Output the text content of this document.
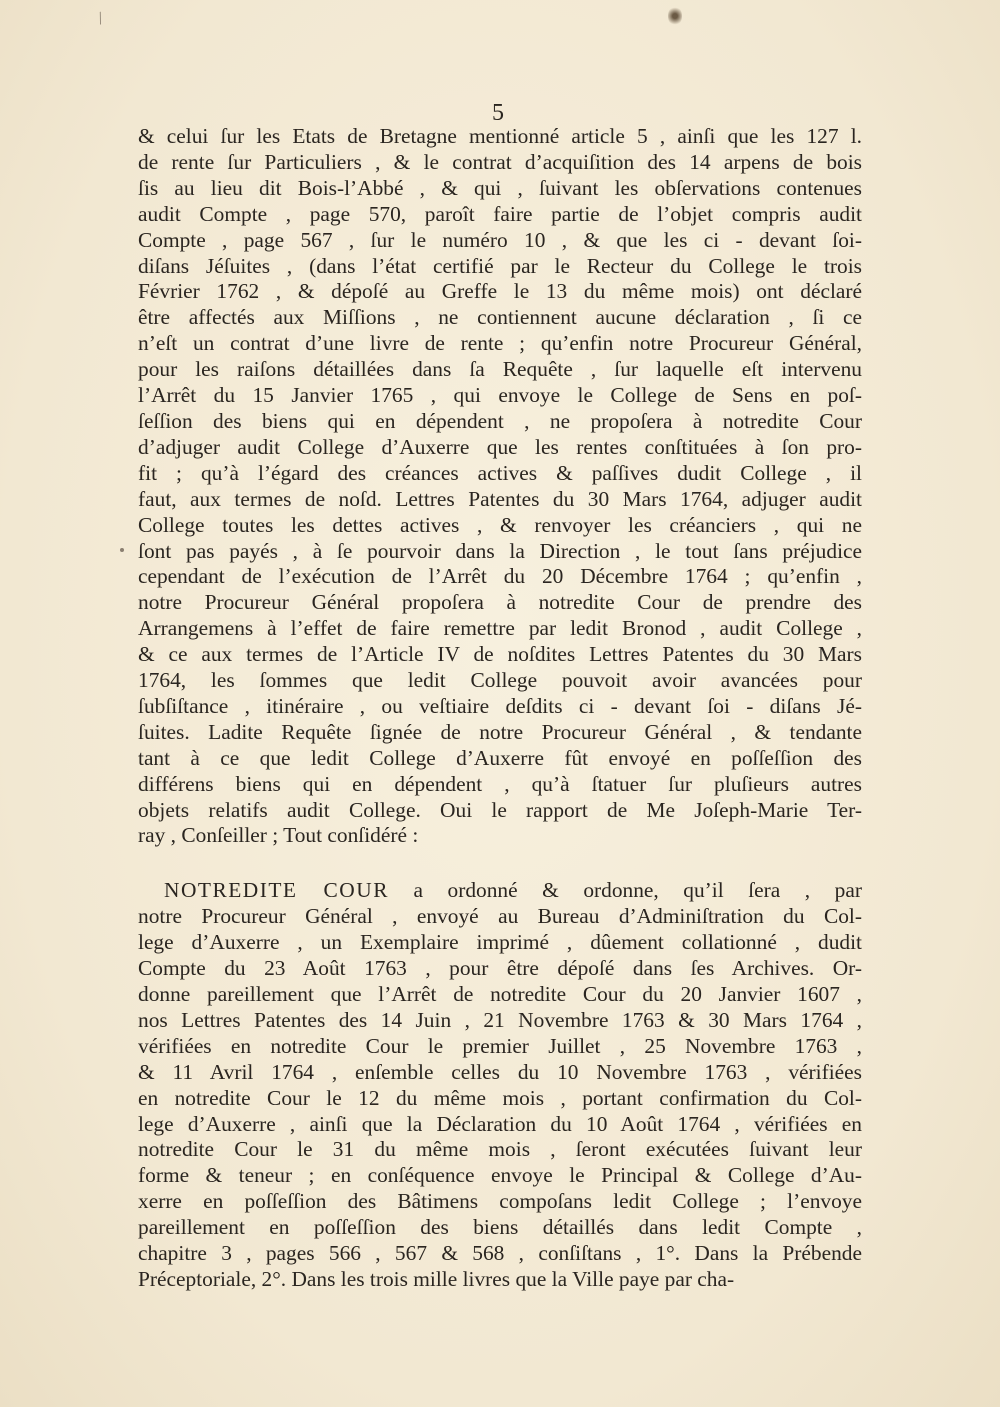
/
5
& celui ſur les Etats de Bretagne mentionné article 5 , ainſi que les 127 l.
de rente ſur Particuliers , & le contrat d’acquiſition des 14 arpens de bois
ſis au lieu dit Bois-l’Abbé , & qui , ſuivant les obſervations contenues
audit Compte , page 570, paroît faire partie de l’objet compris audit
Compte , page 567 , ſur le numéro 10 , & que les ci - devant ſoi-
diſans Jéſuites , (dans l’état certifié par le Recteur du College le trois
Février 1762 , & dépoſé au Greffe le 13 du même mois) ont déclaré
être affectés aux Miſſions , ne contiennent aucune déclaration , ſi ce
n’eſt un contrat d’une livre de rente ; qu’enfin notre Procureur Général,
pour les raiſons détaillées dans ſa Requête , ſur laquelle eſt intervenu
l’Arrêt du 15 Janvier 1765 , qui envoye le College de Sens en poſ-
ſeſſion des biens qui en dépendent , ne propoſera à notredite Cour
d’adjuger audit College d’Auxerre que les rentes conſtituées à ſon pro-
fit ; qu’à l’égard des créances actives & paſſives dudit College , il
faut, aux termes de noſd. Lettres Patentes du 30 Mars 1764, adjuger audit
College toutes les dettes actives , & renvoyer les créanciers , qui ne
ſont pas payés , à ſe pourvoir dans la Direction , le tout ſans préjudice
cependant de l’exécution de l’Arrêt du 20 Décembre 1764 ; qu’enfin ,
notre Procureur Général propoſera à notredite Cour de prendre des
Arrangemens à l’effet de faire remettre par ledit Bronod , audit College ,
& ce aux termes de l’Article IV de noſdites Lettres Patentes du 30 Mars
1764, les ſommes que ledit College pouvoit avoir avancées pour
ſubſiſtance , itinéraire , ou veſtiaire deſdits ci - devant ſoi - diſans Jé-
ſuites. Ladite Requête ſignée de notre Procureur Général , & tendante
tant à ce que ledit College d’Auxerre fût envoyé en poſſeſſion des
différens biens qui en dépendent , qu’à ſtatuer ſur pluſieurs autres
objets relatifs audit College. Oui le rapport de Me Joſeph-Marie Ter-
ray , Conſeiller ; Tout conſidéré :
NOTREDITE COUR a ordonné & ordonne, qu’il ſera , par
notre Procureur Général , envoyé au Bureau d’Adminiſtration du Col-
lege d’Auxerre , un Exemplaire imprimé , dûement collationné , dudit
Compte du 23 Août 1763 , pour être dépoſé dans ſes Archives. Or-
donne pareillement que l’Arrêt de notredite Cour du 20 Janvier 1607 ,
nos Lettres Patentes des 14 Juin , 21 Novembre 1763 & 30 Mars 1764 ,
vérifiées en notredite Cour le premier Juillet , 25 Novembre 1763 ,
& 11 Avril 1764 , enſemble celles du 10 Novembre 1763 , vérifiées
en notredite Cour le 12 du même mois , portant confirmation du Col-
lege d’Auxerre , ainſi que la Déclaration du 10 Août 1764 , vérifiées en
notredite Cour le 31 du même mois , ſeront exécutées ſuivant leur
forme & teneur ; en conſéquence envoye le Principal & College d’Au-
xerre en poſſeſſion des Bâtimens compoſans ledit College ; l’envoye
pareillement en poſſeſſion des biens détaillés dans ledit Compte ,
chapitre 3 , pages 566 , 567 & 568 , conſiſtans , 1°. Dans la Prébende
Préceptoriale, 2°. Dans les trois mille livres que la Ville paye par cha-
